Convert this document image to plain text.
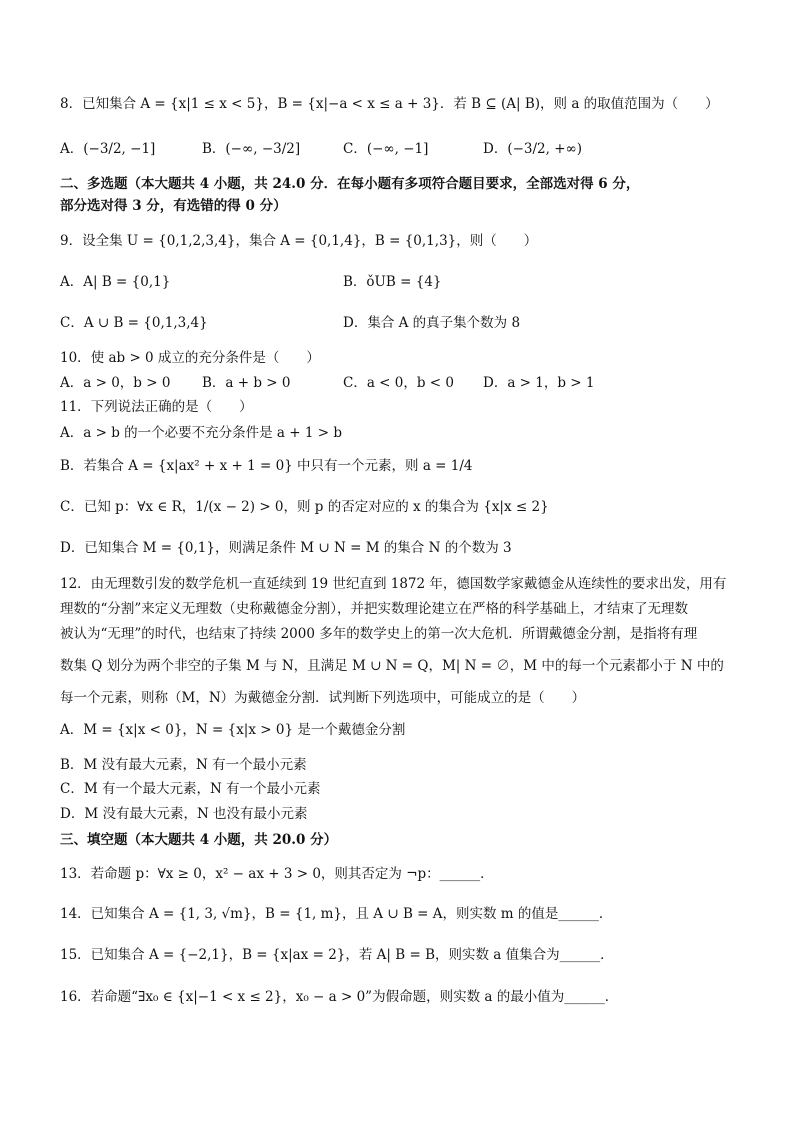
8．已知集合 A = {x|1 ≤ x < 5}，B = {x|−a < x ≤ a + 3}．若 B ⊆ (A| B)，则 a 的取值范围为（　　）
A．(−3/2, −1]	B．(−∞, −3/2]	C．(−∞, −1]	D．(−3/2, +∞)
二、多选题（本大题共 4 小题，共 24.0 分．在每小题有多项符合题目要求，全部选对得 6 分，
部分选对得 3 分，有选错的得 0 分）
9．设全集 U = {0,1,2,3,4}，集合 A = {0,1,4}，B = {0,1,3}，则（　　）
A．A| B = {0,1}	B．ǒUB = {4}
C．A ∪ B = {0,1,3,4}	D．集合 A 的真子集个数为 8
10．使 ab > 0 成立的充分条件是（　　）
A．a > 0，b > 0 B．a + b > 0	C．a < 0，b < 0 D．a > 1，b > 1
11．下列说法正确的是（　　）
A．a > b 的一个必要不充分条件是 a + 1 > b
B．若集合 A = {x|ax² + x + 1 = 0} 中只有一个元素，则 a = 1/4
C．已知 p：∀x ∈ R，1/(x − 2) > 0，则 p 的否定对应的 x 的集合为 {x|x ≤ 2}
D．已知集合 M = {0,1}，则满足条件 M ∪ N = M 的集合 N 的个数为 3
12．由无理数引发的数学危机一直延续到 19 世纪直到 1872 年，德国数学家戴德金从连续性的要求出发，用有
理数的“分割”来定义无理数（史称戴德金分割），并把实数理论建立在严格的科学基础上，才结束了无理数
被认为“无理”的时代，也结束了持续 2000 多年的数学史上的第一次大危机．所谓戴德金分割，是指将有理
数集 Q 划分为两个非空的子集 M 与 N，且满足 M ∪ N = Q，M| N = ∅，M 中的每一个元素都小于 N 中的
每一个元素，则称（M，N）为戴德金分割．试判断下列选项中，可能成立的是（　　）
A．M = {x|x < 0}，N = {x|x > 0} 是一个戴德金分割
B．M 没有最大元素，N 有一个最小元素
C．M 有一个最大元素，N 有一个最小元素
D．M 没有最大元素，N 也没有最小元素
三、填空题（本大题共 4 小题，共 20.0 分）
13．若命题 p：∀x ≥ 0，x² − ax + 3 > 0，则其否定为 ¬p：______．
14．已知集合 A = {1, 3, √m}，B = {1, m}，且 A ∪ B = A，则实数 m 的值是______．
15．已知集合 A = {−2,1}，B = {x|ax = 2}，若 A| B = B，则实数 a 值集合为______．
16．若命题“∃x₀ ∈ {x|−1 < x ≤ 2}，x₀ − a > 0”为假命题，则实数 a 的最小值为______．
